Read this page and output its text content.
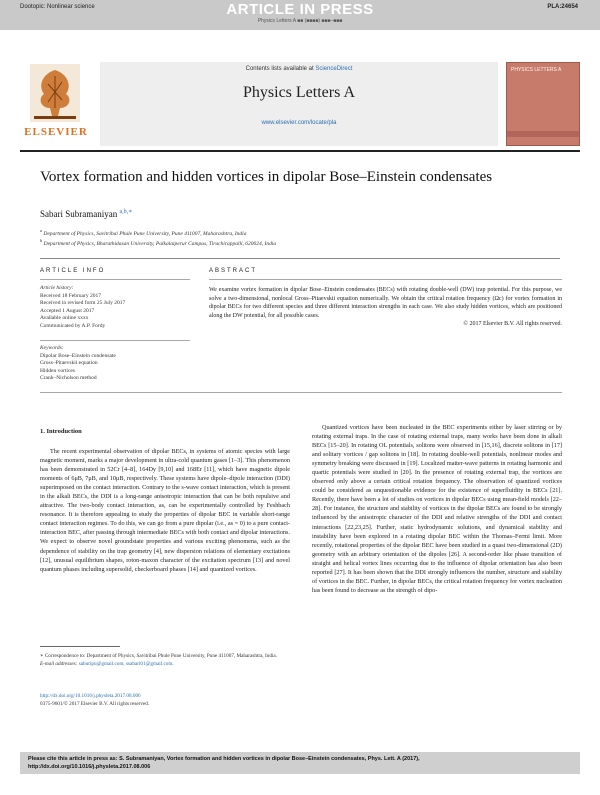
Dootopic: Nonlinear science	ARTICLE IN PRESS	PLA:24654
Physics Letters A ■■ (■■■■) ■■■–■■■
ELSEVIER
Contents lists available at ScienceDirect
Physics Letters A
www.elsevier.com/locate/pla
PHYSICS LETTERS A
Vortex formation and hidden vortices in dipolar Bose–Einstein condensates
Sabari Subramaniyan $^{a,b,∗}$
$^a$ Department of Physics, Savitribai Phule Pune University, Pune 411007, Maharashtra, India
$^b$ Department of Physics, Bharathidasan University, Palkalaiperur Campus, Tiruchirappalli, 620024, India
ARTICLE INFO
Article history:
Received 18 February 2017
Received in revised form 25 July 2017
Accepted 1 August 2017
Available online xxxx
Communicated by A.P. Fordy
Keywords:
Dipolar Bose–Einstein condensate
Gross–Pitaevskii equation
Hidden vortices
Crank–Nicholson method
ABSTRACT
We examine vortex formation in dipolar Bose–Einstein condensates (BECs) with rotating double-well (DW) trap potential. For this purpose, we solve a two-dimensional, nonlocal Gross–Pitaevskii equation numerically. We obtain the critical rotation frequency (Ωc) for vortex formation in dipolar BECs for two different species and three different interaction strengths in each case. We also study hidden vortices, which are positioned along the DW potential, for all possible cases.
© 2017 Elsevier B.V. All rights reserved.
1. Introduction

The recent experimental observation of dipolar BECs, in systems of atomic species with large magnetic moment, marks a major development in ultra-cold quantum gases [1–3]. This phenomenon has been demonstrated in 52Cr [4–8], 164Dy [9,10] and 168Er [11], which have magnetic dipole moments of 6μB, 7μB, and 10μB, respectively. These systems have dipole–dipole interaction (DDI) superimposed on the contact interaction. Contrary to the s-wave contact interaction, which is present in the alkali BECs, the DDI is a long-range anisotropic interaction that can be both repulsive and attractive. The two-body contact interaction, as, can be experimentally controlled by Feshbach resonance. It is therefore appealing to study the properties of dipolar BEC in variable short-range contact interaction regimes. To do this, we can go from a pure dipolar (i.e., as = 0) to a pure contact-interaction BEC, after passing through intermediate BECs with both contact and dipolar interactions. We expect to observe novel groundstate properties and various exciting phenomena, such as the dependence of stability on the trap geometry [4], new dispersion relations of elementary excitations [12], unusual equilibrium shapes, roton-maxon character of the excitation spectrum [13] and novel quantum phases including supersolid, checkerboard phases [14] and quantized vortices.

Quantized vortices have been nucleated in the BEC experiments either by laser stirring or by rotating external traps. In the case of rotating external traps, many works have been done in alkali BECs [15–20]. In rotating OL potentials, solitons were observed in [15,16], discrete solitons in [17] and solitary vortices / gap solitons in [18]. In rotating double-well potentials, nonlinear modes and symmetry breaking were discussed in [19]. Localized matter-wave patterns in rotating harmonic and quartic potentials were studied in [20]. In the presence of rotating external trap, the vortices are observed only above a certain critical rotation frequency. The observation of quantized vortices could be considered as unquestionable evidence for the existence of superfluidity in BECs [21]. Recently, there have been a lot of studies on vortices in dipolar BECs using mean-field models [22–28]. For instance, the structure and stability of vortices in the dipolar BECs are found to be strongly influenced by the anisotropic character of the DDI and relative strengths of the DDI and contact interactions [22,23,25]. Further, static hydrodynamic solutions, and dynamical stability and instability have been explored in a rotating dipolar BEC within the Thomas–Fermi limit. More recently, rotational properties of the dipolar BEC have been studied in a quasi two-dimensional (2D) geometry with an arbitrary orientation of the dipoles [26]. A second-order like phase transition of straight and helical vortex lines occurring due to the influence of dipolar orientation has also been reported [27]. It has been shown that the DDI strongly influences the number, structure and stability of vortices in the BEC. Further, in dipolar BECs, the critical rotation frequency for vortex nucleation has been found to decrease as the strength of dipo-

∗ Correspondence to: Department of Physics, Savitribai Phule Pune University, Pune 411007, Maharashtra, India.
E-mail addresses: saburipu@gmail.com, ssabari01@gmail.com.
http://dx.doi.org/10.1016/j.physleta.2017.08.006
0375-9601/© 2017 Elsevier B.V. All rights reserved.
Please cite this article in press as: S. Subramaniyan, Vortex formation and hidden vortices in dipolar Bose–Einstein condensates, Phys. Lett. A (2017),
http://dx.doi.org/10.1016/j.physleta.2017.08.006
